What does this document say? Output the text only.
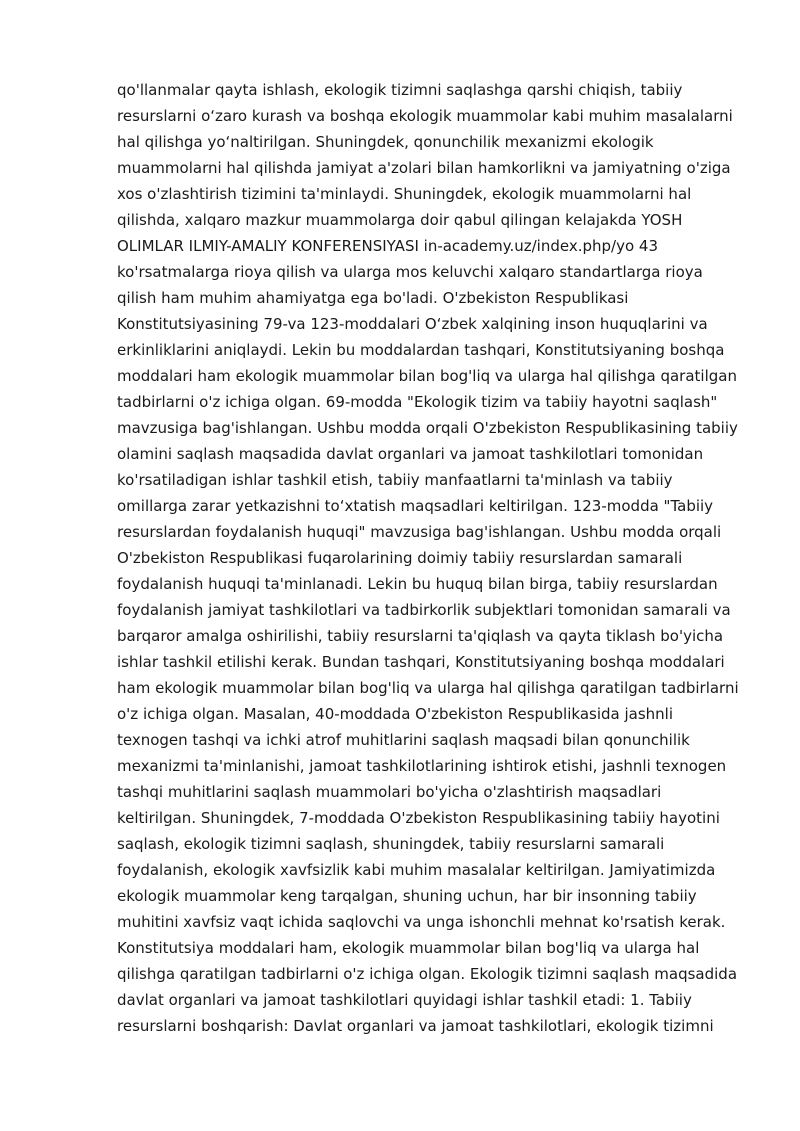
qo'llanmalar qayta ishlash, ekologik tizimni saqlashga qarshi chiqish, tabiiy
resurslarni o‘zaro kurash va boshqa ekologik muammolar kabi muhim masalalarni
hal qilishga yo‘naltirilgan. Shuningdek, qonunchilik mexanizmi ekologik
muammolarni hal qilishda jamiyat a'zolari bilan hamkorlikni va jamiyatning o'ziga
xos o'zlashtirish tizimini ta'minlaydi. Shuningdek, ekologik muammolarni hal
qilishda, xalqaro mazkur muammolarga doir qabul qilingan kelajakda YOSH
OLIMLAR ILMIY-AMALIY KONFERENSIYASI in-academy.uz/index.php/yo 43
ko'rsatmalarga rioya qilish va ularga mos keluvchi xalqaro standartlarga rioya
qilish ham muhim ahamiyatga ega bo'ladi. O'zbekiston Respublikasi
Konstitutsiyasining 79-va 123-moddalari O‘zbek xalqining inson huquqlarini va
erkinliklarini aniqlaydi. Lekin bu moddalardan tashqari, Konstitutsiyaning boshqa
moddalari ham ekologik muammolar bilan bog'liq va ularga hal qilishga qaratilgan
tadbirlarni o'z ichiga olgan. 69-modda "Ekologik tizim va tabiiy hayotni saqlash"
mavzusiga bag'ishlangan. Ushbu modda orqali O'zbekiston Respublikasining tabiiy
olamini saqlash maqsadida davlat organlari va jamoat tashkilotlari tomonidan
ko'rsatiladigan ishlar tashkil etish, tabiiy manfaatlarni ta'minlash va tabiiy
omillarga zarar yetkazishni to‘xtatish maqsadlari keltirilgan. 123-modda "Tabiiy
resurslardan foydalanish huquqi" mavzusiga bag'ishlangan. Ushbu modda orqali
O'zbekiston Respublikasi fuqarolarining doimiy tabiiy resurslardan samarali
foydalanish huquqi ta'minlanadi. Lekin bu huquq bilan birga, tabiiy resurslardan
foydalanish jamiyat tashkilotlari va tadbirkorlik subjektlari tomonidan samarali va
barqaror amalga oshirilishi, tabiiy resurslarni ta'qiqlash va qayta tiklash bo'yicha
ishlar tashkil etilishi kerak. Bundan tashqari, Konstitutsiyaning boshqa moddalari
ham ekologik muammolar bilan bog'liq va ularga hal qilishga qaratilgan tadbirlarni
o'z ichiga olgan. Masalan, 40-moddada O'zbekiston Respublikasida jashnli
texnogen tashqi va ichki atrof muhitlarini saqlash maqsadi bilan qonunchilik
mexanizmi ta'minlanishi, jamoat tashkilotlarining ishtirok etishi, jashnli texnogen
tashqi muhitlarini saqlash muammolari bo'yicha o'zlashtirish maqsadlari
keltirilgan. Shuningdek, 7-moddada O'zbekiston Respublikasining tabiiy hayotini
saqlash, ekologik tizimni saqlash, shuningdek, tabiiy resurslarni samarali
foydalanish, ekologik xavfsizlik kabi muhim masalalar keltirilgan. Jamiyatimizda
ekologik muammolar keng tarqalgan, shuning uchun, har bir insonning tabiiy
muhitini xavfsiz vaqt ichida saqlovchi va unga ishonchli mehnat ko'rsatish kerak.
Konstitutsiya moddalari ham, ekologik muammolar bilan bog'liq va ularga hal
qilishga qaratilgan tadbirlarni o'z ichiga olgan. Ekologik tizimni saqlash maqsadida
davlat organlari va jamoat tashkilotlari quyidagi ishlar tashkil etadi: 1. Tabiiy
resurslarni boshqarish: Davlat organlari va jamoat tashkilotlari, ekologik tizimni
